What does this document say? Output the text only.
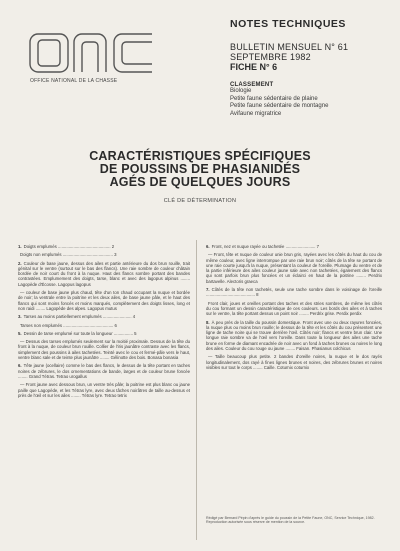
OFFICE NATIONAL DE LA CHASSE
NOTES TECHNIQUES
BULLETIN MENSUEL N° 61
SEPTEMBRE 1982
FICHE N° 6
CLASSEMENT
Biologie
Petite faune sédentaire de plaine
Petite faune sédentaire de montagne
Avifaune migratrice
CARACTÉRISTIQUES SPÉCIFIQUES
DE POUSSINS DE PHASIANIDÉS
AGÉS DE QUELQUES JOURS
CLÉ DE DÉTERMINATION

1. Doigts emplumés ............................................ 2

Doigts non emplumés .......................................... 3

2. Couleur de base jaune, dessus des ailes et partie antérieure du dos brun rouille, trait génital sur le ventre (surtout sur le bas des flancs). Une raie sombre de couleur châtain bordée de noir court du front à la nuque. Haut des flancs sombre portant des bandes contrastées. Emplumement des doigts, tarse, blanc et avec des lagopus alpinus ........ Lagopède d'Écosse. Lagopus lagopus

— couleur de base jaune plus chaud, tête d'un ton chaud occupant la nuque et bordée de noir; la ventrale entre la poitrine et les deux ailes, de base jaune pâle, et le haut des flancs qui sont moins foncés et moins marqués, complètement des doigts lisses, long et non raidi ........ Lagopède des alpes. Lagopus mutus

3. Tarses au moins partiellement emplumés ........................ 4

Tarses non emplumés .......................................... 6

5. Dessin de tarse emplumé sur toute la longueur ................ 5

— Dessus des tarses emplumés seulement sur la moitié proximale. Dessus de la tête du front à la nuque, de couleur brun rouille. Collier de l'iris jaunâtre contraste avec les flancs, simplement des poussins à ailes tachetées. Teinté avec le cou et fermé-pâle vers le haut, ventre blanc sale et de teinte plus jaunâtre ........ Gélinotte des bois. Bonasa bonasia

6. Tête jaune (ocellaire) comme le bas des flancs, le dessus de la tête portant en taches noires de zébrures, le dos ornementations de bande, larges et de couleur brune foncée ........ Grand Tétras. Tetrao urogallus

— Front jaune avec dessous brun, un ventre très pâle; la poitrine est plus blanc ou jaune paille que Lagopède, et les Tétras lyre, avec deux tâches noirâtres de taille au-dessus et près de l'œil et sur les ailes ........ Tétras lyre. Tetrao tetrix

6. Front, nez et nuque rayée ou tachetée ......................... 7

— Front, tête et nuque de couleur unie brun gris, rayées avec les côtés du haut du cou de même couleur, avec ligne interrompue par une raie brun noir; côtés de la tête se portant de une raie courte jusqu'à la nuque, présentant la couleur de l'oreille. Plumage du ventre et de la partie inférieure des ailes couleur jaune sale avec non tachetées, également des flancs qui sont parfois brun plus foncées et un éclairci en haut de la poitrine ........ Perdrix bartavelle. Alectoris graeca

7. Côtés de la tête non tachetés, seule une tache sombre dans le voisinage de l'oreille ......................................... 8

Front clair, joues et oreilles portant des taches et des stries sombres, de même les côtés du cou formant un dessin caractéristique de ces couleurs. Les bords des ailes et à taches sur le ventre, la tête portant dessus un point noir ........ Perdrix grise. Perdix perdix

8. À peu près de la taille du poussin domestique. Front avec une ou deux rayures foncées, la nuque plus ou moins brun rouille; le dessus de la tête et les côtés du cou présentent une ligne de tache noire qui se trouve derrière l'œil. Côtés noir; flancs et ventre brun clair. Une longue raie sombre va de l'œil vers l'oreille. Dans toute la longueur des ailes une tache brune en forme de diamant encadrée de noir avec un fond à taches brunes ou noires le long des ailes. Couleur du cou rouge ou jaune ........ Faisan. Phasianus colchicus

— Taille beaucoup plus petite. 2 bandes d'oreille noires, la nuque et le dos rayés longitudinalement, dos rayé à fines lignes brunes et noires, des zébrures brunes et noires visibles sur tout le corps ........ Caille. Coturnix coturnix

Rédigé par Bernard Pépin d'après le guide du poussin de la Petite Faune, ONC, Service Technique, 1982. Reproduction autorisée sous réserve de mention de la source.
